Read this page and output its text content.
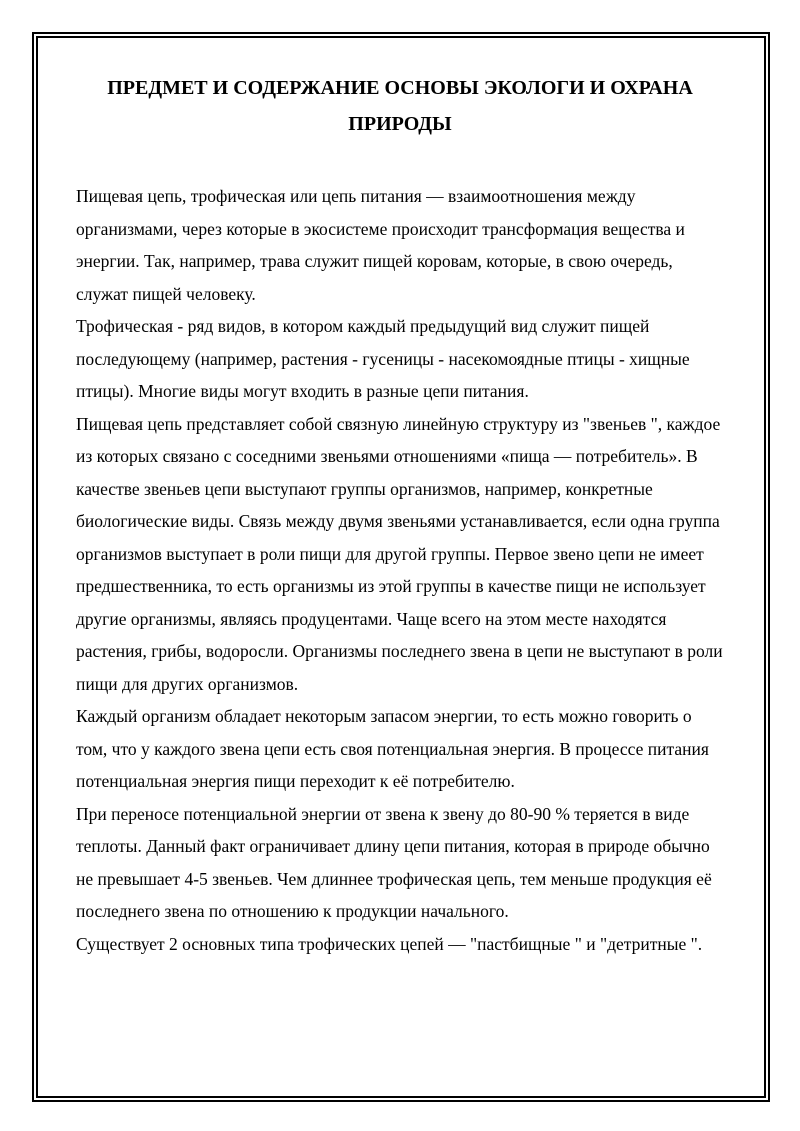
ПРЕДМЕТ И СОДЕРЖАНИЕ ОСНОВЫ ЭКОЛОГИ И ОХРАНА ПРИРОДЫ

Пищевая цепь, трофическая или цепь питания — взаимоотношения между организмами, через которые в экосистеме происходит трансформация вещества и энергии. Так, например, трава служит пищей коровам, которые, в свою очередь, служат пищей человеку.

Трофическая - ряд видов, в котором каждый предыдущий вид служит пищей последующему (например, растения - гусеницы - насекомоядные птицы - хищные птицы). Многие виды могут входить в разные цепи питания.

Пищевая цепь представляет собой связную линейную структуру из "звеньев ", каждое из которых связано с соседними звеньями отношениями «пища — потребитель». В качестве звеньев цепи выступают группы организмов, например, конкретные биологические виды. Связь между двумя звеньями устанавливается, если одна группа организмов выступает в роли пищи для другой группы. Первое звено цепи не имеет предшественника, то есть организмы из этой группы в качестве пищи не использует другие организмы, являясь продуцентами. Чаще всего на этом месте находятся растения, грибы, водоросли. Организмы последнего звена в цепи не выступают в роли пищи для других организмов.

Каждый организм обладает некоторым запасом энергии, то есть можно говорить о том, что у каждого звена цепи есть своя потенциальная энергия. В процессе питания потенциальная энергия пищи переходит к её потребителю.

При переносе потенциальной энергии от звена к звену до 80-90 % теряется в виде теплоты. Данный факт ограничивает длину цепи питания, которая в природе обычно не превышает 4-5 звеньев. Чем длиннее трофическая цепь, тем меньше продукция её последнего звена по отношению к продукции начального.

Существует 2 основных типа трофических цепей — "пастбищные " и "детритные ".
